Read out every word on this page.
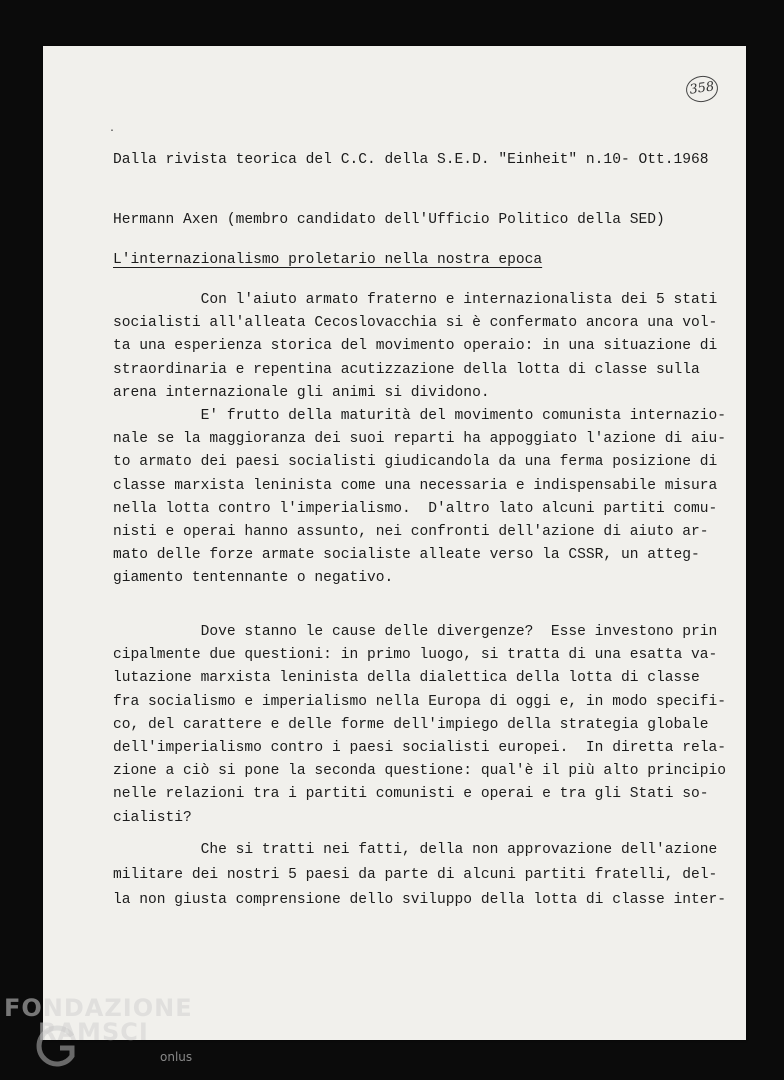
358
·
Dalla rivista teorica del C.C. della S.E.D. "Einheit" n.10- Ott.1968
Hermann Axen (membro candidato dell'Ufficio Politico della SED)
L'internazionalismo proletario nella nostra epoca
Con l'aiuto armato fraterno e internazionalista dei 5 stati
socialisti all'alleata Cecoslovacchia si è confermato ancora una vol-
ta una esperienza storica del movimento operaio: in una situazione di
straordinaria e repentina acutizzazione della lotta di classe sulla
arena internazionale gli animi si dividono.
E' frutto della maturità del movimento comunista internazio-
nale se la maggioranza dei suoi reparti ha appoggiato l'azione di aiu-
to armato dei paesi socialisti giudicandola da una ferma posizione di
classe marxista leninista come una necessaria e indispensabile misura
nella lotta contro l'imperialismo.  D'altro lato alcuni partiti comu-
nisti e operai hanno assunto, nei confronti dell'azione di aiuto ar-
mato delle forze armate socialiste alleate verso la CSSR, un atteg-
giamento tentennante o negativo.
Dove stanno le cause delle divergenze?  Esse investono prin
cipalmente due questioni: in primo luogo, si tratta di una esatta va-
lutazione marxista leninista della dialettica della lotta di classe
fra socialismo e imperialismo nella Europa di oggi e, in modo specifi-
co, del carattere e delle forme dell'impiego della strategia globale
dell'imperialismo contro i paesi socialisti europei.  In diretta rela-
zione a ciò si pone la seconda questione: qual'è il più alto principio
nelle relazioni tra i partiti comunisti e operai e tra gli Stati so-
cialisti?
Che si tratti nei fatti, della non approvazione dell'azione
militare dei nostri 5 paesi da parte di alcuni partiti fratelli, del-
la non giusta comprensione dello sviluppo della lotta di classe inter-
FONDAZIONE
RAMSCI
onlus
